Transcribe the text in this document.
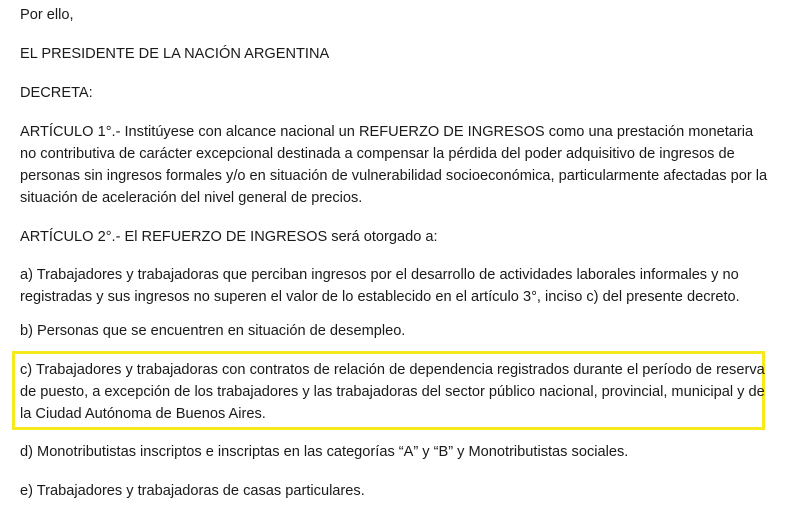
Por ello,
EL PRESIDENTE DE LA NACIÓN ARGENTINA
DECRETA:
ARTÍCULO 1°.- Institúyese con alcance nacional un REFUERZO DE INGRESOS como una prestación monetaria
no contributiva de carácter excepcional destinada a compensar la pérdida del poder adquisitivo de ingresos de
personas sin ingresos formales y/o en situación de vulnerabilidad socioeconómica, particularmente afectadas por la
situación de aceleración del nivel general de precios.
ARTÍCULO 2°.- El REFUERZO DE INGRESOS será otorgado a:
a) Trabajadores y trabajadoras que perciban ingresos por el desarrollo de actividades laborales informales y no
registradas y sus ingresos no superen el valor de lo establecido en el artículo 3°, inciso c) del presente decreto.
b) Personas que se encuentren en situación de desempleo.
c) Trabajadores y trabajadoras con contratos de relación de dependencia registrados durante el período de reserva
de puesto, a excepción de los trabajadores y las trabajadoras del sector público nacional, provincial, municipal y de
la Ciudad Autónoma de Buenos Aires.
d) Monotributistas inscriptos e inscriptas en las categorías “A” y “B” y Monotributistas sociales.
e) Trabajadores y trabajadoras de casas particulares.
